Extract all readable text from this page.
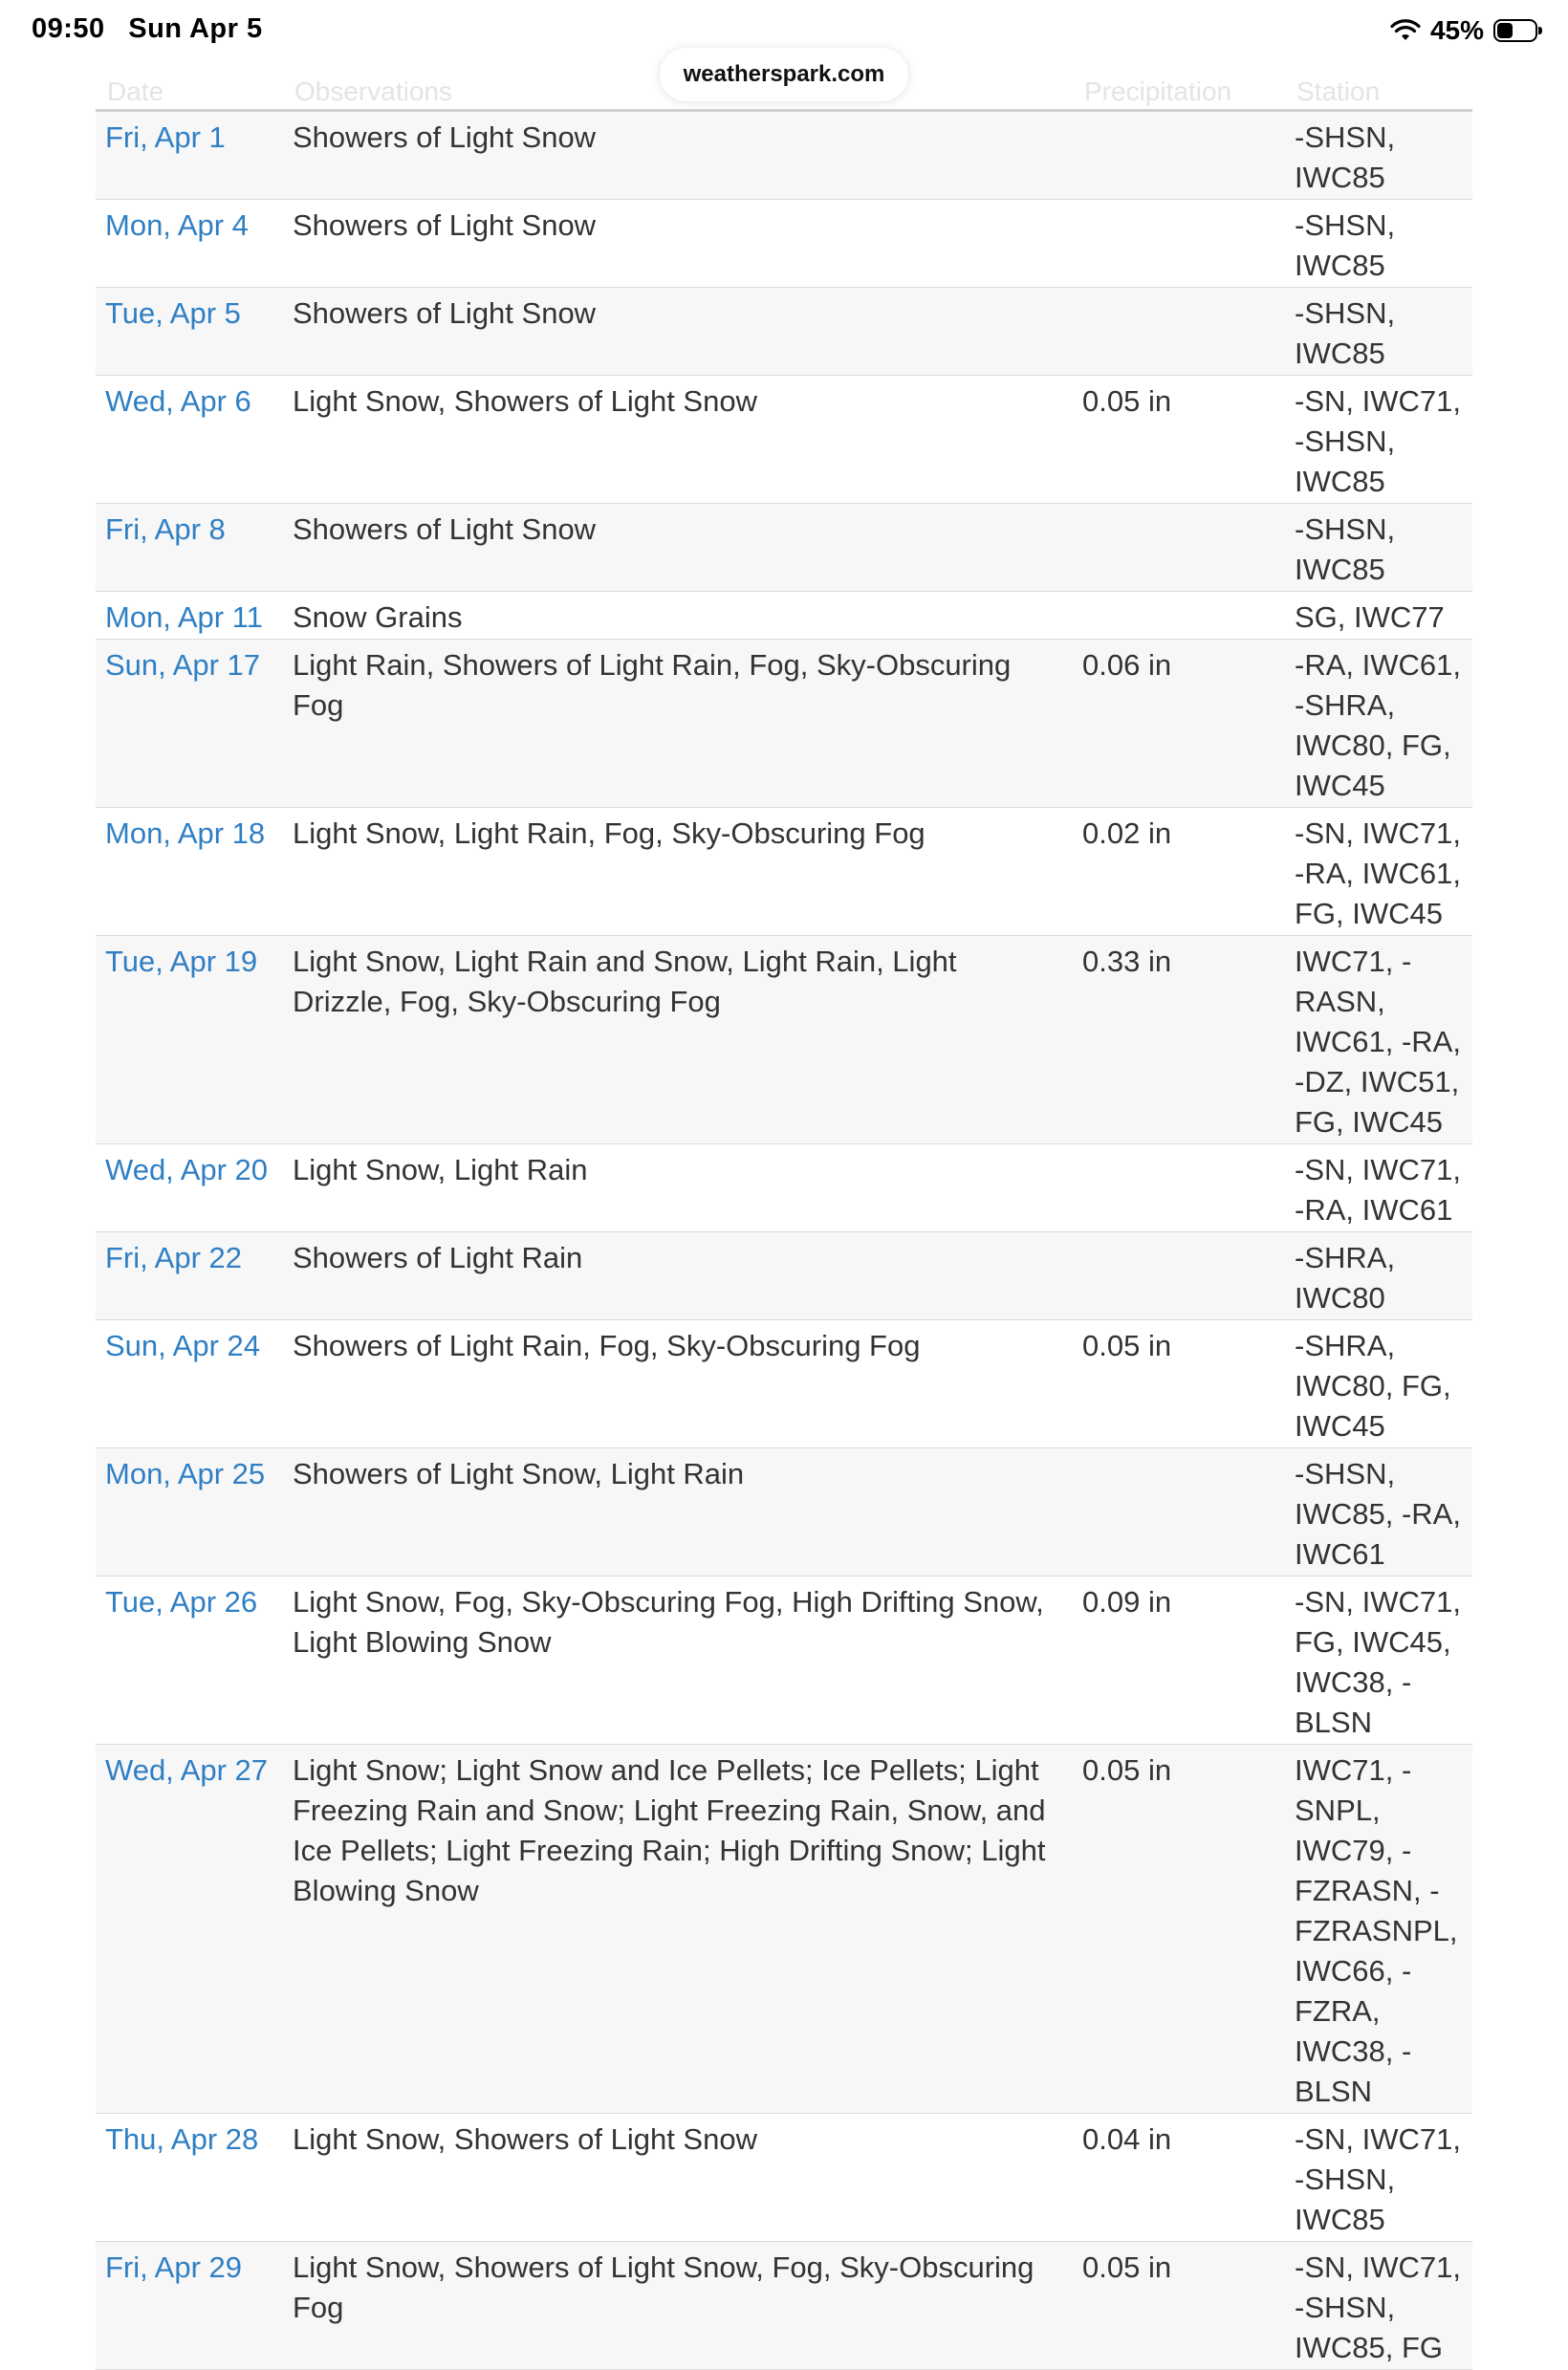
09:50 Sun Apr 5	45%
weatherspark.com
Date	Observations	Precipitation Station
Fri, Apr 1	Showers of Light Snow		-SHSN, IWC85
Mon, Apr 4	Showers of Light Snow		-SHSN, IWC85
Tue, Apr 5	Showers of Light Snow		-SHSN, IWC85
Wed, Apr 6	Light Snow, Showers of Light Snow	0.05 in	-SN, IWC71, -SHSN, IWC85
Fri, Apr 8	Showers of Light Snow		-SHSN, IWC85
Mon, Apr 11	Snow Grains		SG, IWC77
Sun, Apr 17	Light Rain, Showers of Light Rain, Fog, Sky-Obscuring Fog	0.06 in	-RA, IWC61, -SHRA, IWC80, FG, IWC45
Mon, Apr 18	Light Snow, Light Rain, Fog, Sky-Obscuring Fog	0.02 in	-SN, IWC71, -RA, IWC61, FG, IWC45
Tue, Apr 19	Light Snow, Light Rain and Snow, Light Rain, Light Drizzle, Fog, Sky-Obscuring Fog	0.33 in	IWC71, -RASN, IWC61, -RA, -DZ, IWC51, FG, IWC45
Wed, Apr 20	Light Snow, Light Rain		-SN, IWC71, -RA, IWC61
Fri, Apr 22	Showers of Light Rain		-SHRA, IWC80
Sun, Apr 24	Showers of Light Rain, Fog, Sky-Obscuring Fog	0.05 in	-SHRA, IWC80, FG, IWC45
Mon, Apr 25	Showers of Light Snow, Light Rain		-SHSN, IWC85, -RA, IWC61
Tue, Apr 26	Light Snow, Fog, Sky-Obscuring Fog, High Drifting Snow, Light Blowing Snow	0.09 in	-SN, IWC71, FG, IWC45, IWC38, -BLSN
Wed, Apr 27	Light Snow; Light Snow and Ice Pellets; Ice Pellets; Light Freezing Rain and Snow; Light Freezing Rain, Snow, and Ice Pellets; Light Freezing Rain; High Drifting Snow; Light Blowing Snow	0.05 in	IWC71, -SNPL, IWC79, -FZRASN, -FZRASNPL, IWC66, -FZRA, IWC38, -BLSN
Thu, Apr 28	Light Snow, Showers of Light Snow	0.04 in	-SN, IWC71, -SHSN, IWC85
Fri, Apr 29	Light Snow, Showers of Light Snow, Fog, Sky-Obscuring Fog	0.05 in	-SN, IWC71, -SHSN, IWC85, FG
